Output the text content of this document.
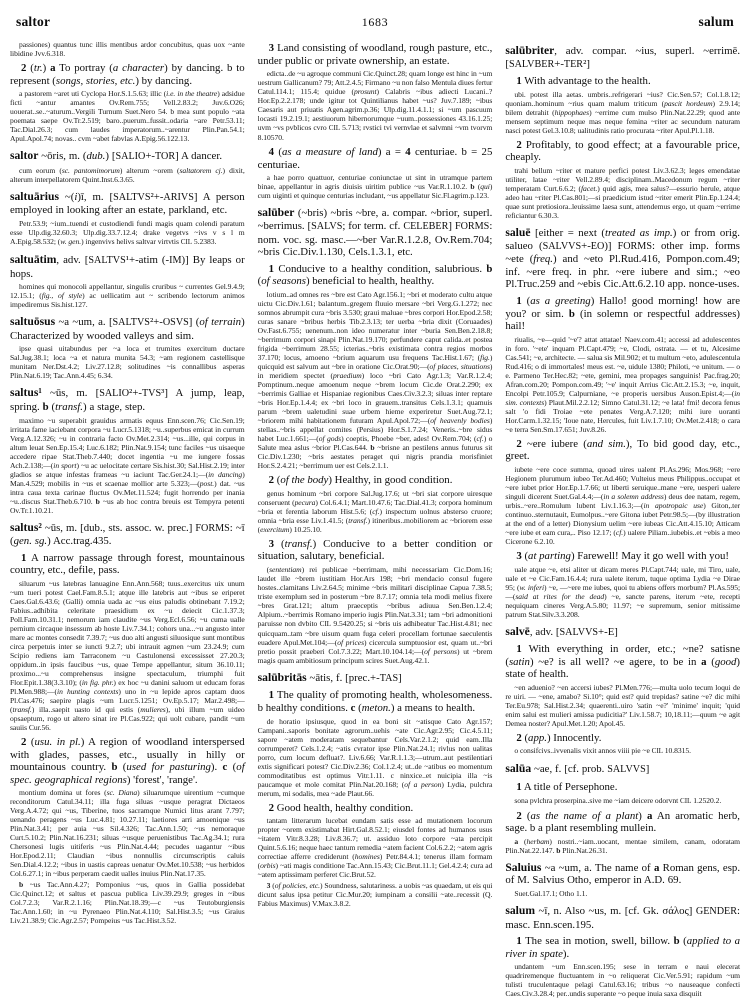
saltor	1683	salum
passiones) quantus tunc illis mentibus ardor concubitus, quas uox ~ante libidine Jvv.6.318.
2 (tr.) a To portray (a character) by dancing. b to represent (songs, stories, etc.) by dancing.
a pastorem ~aret uti Cyclopa Hor.S.1.5.63; illic (i.e. in the theatre) adsidue ficti ~antur amantes Ov.Rem.755; Vell.2.83.2; Juv.6.O26; uouerat..se..~aturum..Vergili Turnum Suet.Nero 54. b mea sunt populo ~ata poemata saepe Ov.Tr.2.519; baro..puerum..fussit..odaria ~are Petr.53.11; Tac.Dial.26.3; cum laudes imperatorum..~arentur Plin.Pan.54.1; Apul.Apol.74; novas.. cvm ~abet fabvlas A.Epig.56.122.13.
saltor ~ōris, m. (dub.) [SALIO+-TOR] A dancer.
cum eorum (sc. pantomimorum) alterum ~orem (saltatorem cj.) dixit, alterum interpellatorem Quint.Inst.6.3.65.
saltuārius ~(i)ī, m. [SALTVS²+-ARIVS] A person employed in looking after an estate, parkland, etc.
Petr.53.9; ~ium..tuendi et custodiendi fundi magis quam colendi paratum esse Ulp.dig.32.60.3; Ulp.dig.33.7.12.4; drake vegetvs ~ivs v s l m A.Epig.58.532; (w. gen.) ingenvivs helivs saltvar virtvtis CIL 5.2383.
saltuātim, adv. [SALTVS¹+-atim (-IM)] By leaps or hops.
homines qui monocoli appellantur, singulis cruribus ~ currentes Gel.9.4.9; 12.15.1; (fig., of style) ac uellicatim aut ~ scribendo lectorum animos impediremus Sis.hist.127.
saltuōsus ~a ~um, a. [SALTVS²+-OSVS] (of terrain) Characterized by wooded valleys and sim.
ipse quasi uitabundus per ~a loca et trumites exercitum ductare Sal.Jug.38.1; loca ~a et natura munita 54.3; ~am regionem castellisque munitam Ner.Dst.4.2; Liv.27.12.8; solitudines ~is connallibus asperas Plin.Nat.6.19; Tac.Ann.4.45; 6.34.
saltus¹ ~ūs, m. [SALIO²+-TVS³] A jump, leap, spring. b (transf.) a stage, step.
maximo ~u superabit grauidus armatis equus Enn.scen.76; Cic.Sen.19; irritata fame iaciebant corpora ~u Lucr.5.1318; ~u..superbus emicat in currum Verg.A.12.326; ~u in contraria facto Ov.Met.2.314; ~us...ille, qui corpus in altum leuat Sen.Ep.15.4; Luc.6.182; Plin.Nat.9.154; tunc faciles ~us uisaeque accedere ripae Stat.Theb.7.440; docet ingentia ~u me iungere fossas Ach.2.138;—(in sport) ~u ac uelocitate certare Sis.hist.30; Sal.Hist.2.19; inter gladios se atque infestas frameas ~u iaciunt Tac.Ger.24.1;—(in dancing) Man.4.529; mobilis in ~us et scaenae mollior arte 5.323;—(post.) dat. ~us intra caua texta carinae fluctus Ov.Met.11.524; fugit horrendo per inania ~u..discus Stat.Theb.6.710. b ~us ab hoc contra breuis est Tempyra petenti Ov.Tr.1.10.21.
saltus² ~ūs, m. [dub., sts. assoc. w. prec.] FORMS: ~ī (gen. sg.) Acc.trag.435.
1 A narrow passage through forest, mountainous country, etc., defile, pass.
siluarum ~us latebras lanuagine Enn.Ann.568; tuus..exercitus uix unum ~um tueri potest Cael.Fam.8.5.1; atque ille latebris aut ~ibus se eriperet Caes.Gal.6.43.6; (Galli) omnia uada ac ~us eius paludis obtinebant 7.19.2; Fabius..adhibita celeritate praesidium ex ~u deiecit Cic.1.37.3; Poll.Fam.10.31.1; nemorum iam claudite ~us Verg.Ecl.6.56; ~u cuma ualle pernium circaque insessum ab hoste Liv.7.34.1; cohors una...~u angusto inter mare ac montes consedit 7.39.7; ~us duo alti angusti siluosique sunt montibus circa perpetuis inter se iuncti 9.2.7; ubi intrauit agmen ~um 23.24.9; cum Scipio rediens iam Tarraconem ~u Castulonensi excessisset 27.20.3; oppidum..in ipsis faucibus ~us, quae Tempe appellantur, situm 36.10.11; proximo...~u comprehensus insigne spectaculum, triumphi fuit Flor.Epit.1.38(3.3.10); (in fig. phr.) ex hoc ~u danini saluom ut educam foras Pl.Men.988;—(in hunting contexts) uno in ~u lepide apros captam duos Pl.Cas.476; saepire plagis ~um Lucr.5.1251; Ov.Ep.5.17; Mar.2.498;—(transf.) illa..saepit uasto id qui estis (mulieres), ubi illum ~um uideo opsaeptum, rogo ut altero sinat ire Pl.Cas.922; qui uolt cubare, pandit ~um sauiis Cur.56.
2 (usu. in pl.) A region of woodland interspersed with glades, passes, etc., usually in hilly or mountainous country. b (used for pasturing). c (of spec. geographical regions) 'forest', 'range'.
montium domina ut fores (sc. Diana) siluarumque uirentium ~cumque reconditorum Catul.34.11; illa fuga siluas ~usque peragrat Dictaeos Verg.A.4.72; qui ~us, Tiberine, tuos sacramque Numici litus arant 7.797; uenando peragens ~us Luc.4.81; 10.27.11; laetiores arri amoenique ~us Plin.Nat.3.41; per auia ~us Sil.4.326; Tac.Ann.1.50; ~us nemoraque Curt.5.10.2; Plin.Nat.16.231; siluas ~usque peruenistibus Tac.Ag.34.1; rura Chersonesi lugis uitiferis ~us Plin.Nat.4.44; pecudes uagantur ~ibus Hor.Epod.2.11; Claudian ~ibus nonnullis circumscriptis caluis Sen.Dial.4.12.2; ~ibus in uastis capreas uenatur Ov.Met.10.538; ~us herbidos Col.6.27.1; in ~ibus perperam caedit ualles inuius Plin.Nat.17.35.
b ~us Tac.Ann.4.27; Pomponius ~us, quos in Gallia possidebat Cic.Quinct.12; et saltus et pascua publica Liv.39.29.9; greges in ~ibus Col.7.2.3; Var.R.2.1.16; Plin.Nat.18.39;—c ~us Teutoburgiensis Tac.Ann.1.60; in ~u Pyrenaeo Plin.Nat.4.110; Sal.Hist.3.5; ~us Graius Liv.21.38.9; Cic.Agr.2.57; Pompeius ~us Tac.Hist.3.52.
3 Land consisting of woodland, rough pasture, etc., under public or private ownership, an estate.
edicta..de ~u agroque communi Cic.Quinct.28; quam longe est hinc in ~um uestrum Gallicanum? 79; Att.2.4.5; Firmano ~u non falso Mentula diues fertur Catul.114.1; 115.4; quidue (prosunt) Calabris ~ibus adiecti Lucani..? Hor.Ep.2.2.178; unde igitur tot Quintilianus habet ~us? Juv.7.189; ~ibus Caesaris aut priuatis Agen.agrim.p.36; Ulp.dig.11.4.1.1; si ~um pascuum locasti 19.2.19.1; aestiuorum hibernorumque ~uum..possessiones 43.16.1.25; uvm ~vs pvblicos cvro CIL 5.713; rvstici tvi vernvlae et salvmni ~vm tvorvm 8.10570.
4 (as a measure of land) a = 4 centuriae. b = 25 centuriae.
a hae porro quattuor, centuriae coniunctae ut sint in utramque partem binae, appellantur in agris diuisis uiritim publice ~us Var.R.1.10.2. b (qui) cum uiginti et quinque centurias includant, ~us appellatur Sic.Fl.agrim.p.123.
salūber (~bris) ~bris ~bre, a. compar. ~brior, superl. ~berrimus. [SALVS; for term. cf. CELEBER] FORMS: nom. voc. sg. masc.—~ber Var.R.1.2.8, Ov.Rem.704; ~bris Cic.Div.1.130, Cels.1.3.1, etc.
1 Conducive to a healthy condition, salubrious. b (of seasons) beneficial to health, healthy.
lotium..ad omnes res ~bre est Cato Agr.156.1; ~bri et moderato cultu atque uictu Cic.Div.1.61; balantum..gregem fluuio mersare ~bri Verg.G.1.272; nec somnos abrumpit cura ~bris 3.530; graui maluae ~bres corpori Hor.Epod.2.58; curas sanare ~bribus herbis Tib.2.3.13; ter uerba ~bria dixit (Coruaades) Ov.Fast.6.755; uenenum..non ideo numeratur inter ~buria Sen.Ben.2.18.8; ~berrimum corpori sinapi Plin.Nat.19.170; perfundere caput calida..et postea frigida ~berrimum 28.55; icterias..~bris existimata contra regios morbos 37.170; locus, amoeno ~brium aquarum usu frequens Tac.Hist.1.67; (fig.) quicquid est salvum aut ~bre in oratione Cic.Orat.90;—(of places, situations) in meridiem spectet (praedium) loco ~bri Cato Agr.1.3; Var.R.1.2.4; Pomptinum..neque amoenum neque ~brem locum Cic.de Orat.2.290; ex ~berrimis Galliae et Hispaniae regionibus Caes.Civ.3.2.3; siluas inter reptare ~bris Hor.Ep.1.4.4; ex ~bri loco in grauem..transitus Cels.1.3.1; quamuis parum ~brem ualetudini suae urbem hieme experiretur Suet.Aug.72.1; ~briorem mihi habitationem futuram Apul.Apol.72;—(of heavenly bodies) stellas..~bris appellat comites (Persius) Hor.S.1.7.24; Veneris..~bre sidus habet Luc.1.661;—(of gods) coeptis, Phoebe ~ber, ades! Ov.Rem.704; (cf.) o Salute mea aslus ~brior Pl.Cas.644. b ~brisne an pestilens annus futurus sit Cic.Div.1.230; ~bris aestates peraget qui nigris prandia morisfiniet Hor.S.2.4.21; ~berrimum uer est Cels.2.1.1.
2 (of the body) Healthy, in good condition.
genus hominum ~bri corpore Sal.Jug.17.6; ut ~bri siat corpore uiresque conseruent (pecura) Col.6.4.1; Mart.10.47.6; Tac.Dial.41.3; corpora hominum ~bria et ferentia laborum Hist.5.6; (cf.) inspectum uolnus absterso cruore; omnia ~bria esse Liv.1.41.5; (transf.) itineribus..mobiliorem ac ~briorem esse (exercitum) 10.25.10.
3 (transf.) Conducive to a better condition or situation, salutary, beneficial.
(sententiam) rei publicae ~berrimam, mihi necessariam Cic.Dom.16; laudet ille ~brem iustitiam Hor.Ars 198; ~bri mendacio consul fugere hostes..clamitans Liv.2.64.5; minime ~bris militari disciplinae Capua 7.38.5; triste exemplum sed in posterum ~bre 8.7.17; omnia tela modi melius fixere ~bres Grat.121; altum praeceptis ~bribus adiuua Sen.Ben.1.2.4; Alpium..~berrimis Romano imperio iugis Plin.Nat.3.31; tam ~bri admonitioni paruisse non dvbito CIL 9.5420.25; si ~bris uis adhibeatur Tac.Hist.4.81; nec quicquam..tam ~bre uisum quam fuga celeri procellam fortunae saeculentis euadere Apul.Met.104;—(of prices) cicercula sumptuosior est, quam ut..~bri pretio possit praeberi Col.7.3.22; Mart.10.104.14;—(of persons) ut ~brem magis quam ambitiosum principum scires Suet.Aug.42.1.
salūbritās ~ātis, f. [prec.+-TAS]
1 The quality of promoting health, wholesomeness. b healthy conditions. c (meton.) a means to health.
de horatio ipsiusque, quod in ea boni sit ~atisque Cato Agr.157; Campani..saporis bonitate agrorum..uehis ~ate Cic.Agr.2.95; Cic.4.5.11; sapore ~atem moderatam sequebantur Cels.Var.2.1.2; quid eam..Illa corrumperet? Cels.1.2.4; ~atis cvrator ipse Plin.Nat.24.1; rivlus non ualitas porro, cum locum defluat?. Liv.6.66; Var.R.1.1.3;—utrum..aut pestilentiari extis significari potest? Cic.Div.2.36; Col.1.2.4; ut..de ~atibus eo momentum commoditatibus est optimus Vitr.1.11. c ninxice..et nuicipia illa ~is paucamque et mole comitat Plin.Nat.20.168; (of a person) Lydia, pulchra merum, mi sodalis, mea ~ade Plaut.66.
2 Good health, healthy condition.
tantam litterarum lucebat eundam satis esse ad mutationem locorum propter ~orem existimabat Hirt.Gal.8.52.1; eiusdel fontes ad humanos usus ~itatem Vitr.8.3.28; Liv.8.36.7; ut. assiduo loto corpore ~ata percipit Quint.5.6.16; neque haec tantum remedia ~atem facient Col.6.2.2; ~atem agris correctiae afferre crediderunt (homines) Petr.84.4.1; tenerus illam formam (orbis) ~ati magis conditione Tac.Ann.15.43; Cic.Brut.11.1; Gel.4.2.4; cura ad ~atem aptissimam perferet Cic.Brut.52.
3 (of policies, etc.) Soundness, salutariness. a uobis ~as quaedam, ut eis qui dicunt salus ipsa petitur Cic.Mur.20; iumpinam a consilii ~ate..recessit (Q. Fabius Maximus) V.Max.3.8.2.
salūbriter, adv. compar. ~ius, superl. ~errimē. [SALVBER+-TER²]
1 With advantage to the health.
ubi. potest illa aetas. umbris..refrigerari ~ius? Cic.Sen.57; Col.1.8.12; quoniam..hominum ~rius quam malum triticum (pascit hordeum) 2.9.14; bilem detrahit (hippophaes) ~errime cum mulso Plin.Nat.22.29; quod ante mensem septimum neque mas neque femina ~riter ac secundum naturam nasci potest Gel.3.10.8; ualitudinis ratio procurata ~riter Apul.Pl.1.18.
2 Profitably, to good effect; at a favourable price, cheaply.
trahi bellum ~riter et mature perfici potest Liv.3.62.3; leges emendatae utiliter, latae ~riter Vell.2.89.4; disciplinam..Macedonum regum ~riter temperatam Curt.6.6.2; (facet.) quid agis, mea salus?—essurio herule, atque adeo hau ~riter Pl.Cas.801;—si praedicium istud ~riter emerit Plin.Ep.1.24.4; quae sunt pretiosiora..leuissime laesa sunt, attendemus ergo, ut quam ~errime reficiantur 6.30.3.
saluē [either = next (treated as imp.) or from orig. salueo (SALVVS+-EO)] FORMS: other imp. forms ~ete (freq.) and ~eto Pl.Rud.416, Pompon.com.49; inf. ~ere freq. in phr. ~ere iubere and sim.; ~eo Pl.Truc.259 and ~ebis Cic.Att.6.2.10 app. nonce-uses.
1 (as a greeting) Hallo! good morning! how are you? or sim. b (in solemn or respectful addresses) hail!
riualis, ~e—quid '~e'? attat attatae! Naev.com.41; accessi ad adulescentes in foro. '~ete' inquam Pl.Capt.479; ~e, Clodi, ostrata. — et tu, Alcesime Cas.541; ~e, architecte. — salua sis Mil.902; et tu multum ~eto, adulescentula Rud.416; o di immortales! meus est. ~e, uidule 1380; Philoti, ~e unitum. — o e. Parmeno Ter.Hec.82; ~ete, gemini, mea propages sanguinis! Pac.frag.20; Afran.com.20; Pompon.com.49; '~e' inquit Arrius Cic.Att.2.15.3; ~e, inquit, Encolpi Petr.105.9; Calpurniane, ~e properis uersibus Auson.Epist.4;—(in sim. contexts) Plaut.Mil.2.2.12; Simno Catul.31.12; ~e lata! fmi! decora fenus salt 'o fidi Troiae ~ete penates Verg.A.7.120; mihi iure uoranti Hor.Carm.1.32.15; 'Ioue nate, Hercules, fuit Liv.1.7.10; Ov.Met.2.418; o cara ~e terra Sen.Sm.17.651; Juv.8.26.
2 ~ere iubere (and sim.), To bid good day, etc., greet.
iubete ~ere coce summa, quoad uires ualent Pl.As.296; Mos.968; ~ere Hegionem plurumum iubeo Ter.Ad.460; Vulteius meus Philippus..occupat et ~ere iubet prior Hor.Ep.1.7.66; ut liberti seruique..mane ~ere, uesperi ualere singuli dicerent Suet.Gal.4.4;—(in a solemn address) deus dee natam, regem, urbis..~ere..Romulum lubent Liv.1.16.3;—(in apotropaic use) Giton,.ter continuo..sternutauit, Eumolpus..~ere Gitona iubet Petr.98.5;—(by illustration at the end of a letter) Dionysium uelim ~ere iubeas Cic.Att.4.15.10; Atticam ~ere iube et eam cura,.. Piso 12.17; (cf.) ualere Piliam..iubebis..et ~ebis a meo Cicerone 6.2.10.
3 (at parting) Farewell! May it go well with you!
uale atque ~e, etsi aliter ut dicam meres Pl.Capt.744; uale, mi Tiro, uale, uale et ~e Cic.Fam.16.4.4; rura ualete iterum, tuque optima Lydia ~e Dirae 95; (w. inferi) ~e, —~ere me iubes, quoi tu abiens offers morbum? Pl.As.595;—(said at rites for the dead) ~e, sancte parens, iterum ~ete, recepti nequiquam cineres Verg.A.5.80; 11.97; ~e supremum, senior mitissime patrum Stat.Silv.3.3.208.
salvē, adv. [SALVVS+-E]
1 With everything in order, etc.; ~ne? satisne (satin) ~e? is all well? ~e agere, to be in a (good) state of health.
~en aduenio? ~en accersi iubes? Pl.Men.776;—multa uolo tecum loqui de re uiri. — ~ene, amabo? Si.10°; quid est? quid trepidas? satine ~e? dic mihi Ter.Eu.978; Sal.Hist.2.34; quaerenti..uiro 'satin ~e?' 'minime' inquit; 'quid enim salui est mulieri amissa pudicitia?' Liv.1.58.7; 10,18.11;—quum ~e agit Demea noster? Apul.Met.1.20; Apol.45.
2 (app.) Innocently.
o consifcivs..ivvenalis vixit annos viiii pie ~e CIL 10.8315.
salūa ~ae, f. [cf. prob. SALVVS]
1 A title of Persephone.
sona pvlchra proserpina..sive me ~iam deicere odorvnt CIL 1.2520.2.
2 (as the name of a plant) a An aromatic herb, sage. b a plant resembling mullein.
a (herbam) nostri..~iam..uocant, mentae similem, canam, odoratam Plin.Nat.22.147. b Plin.Nat.26.31.
Saluius ~a ~um, a. The name of a Roman gens, esp. of M. Salvius Otho, emperor in A.D. 69.
Suet.Gal.17.1; Otho 1.1.
salum ~ī, n. Also ~us, m. [cf. Gk. σάλος] GENDER: masc. Enn.scen.195.
1 The sea in motion, swell, billow. b (applied to a river in spate).
undantem ~um Enn.scen.195; sese in terram e naui elecerat quadriremenque fluctuantem in ~o reliquerat Cic.Ver.5.91; rapidum ~um tulisti truculentaque pelagi Catul.63.16; tribus ~o nauseaque confecti Caes.Civ.3.28.4; per..undis superante ~o peque inuia saxa disquiit
